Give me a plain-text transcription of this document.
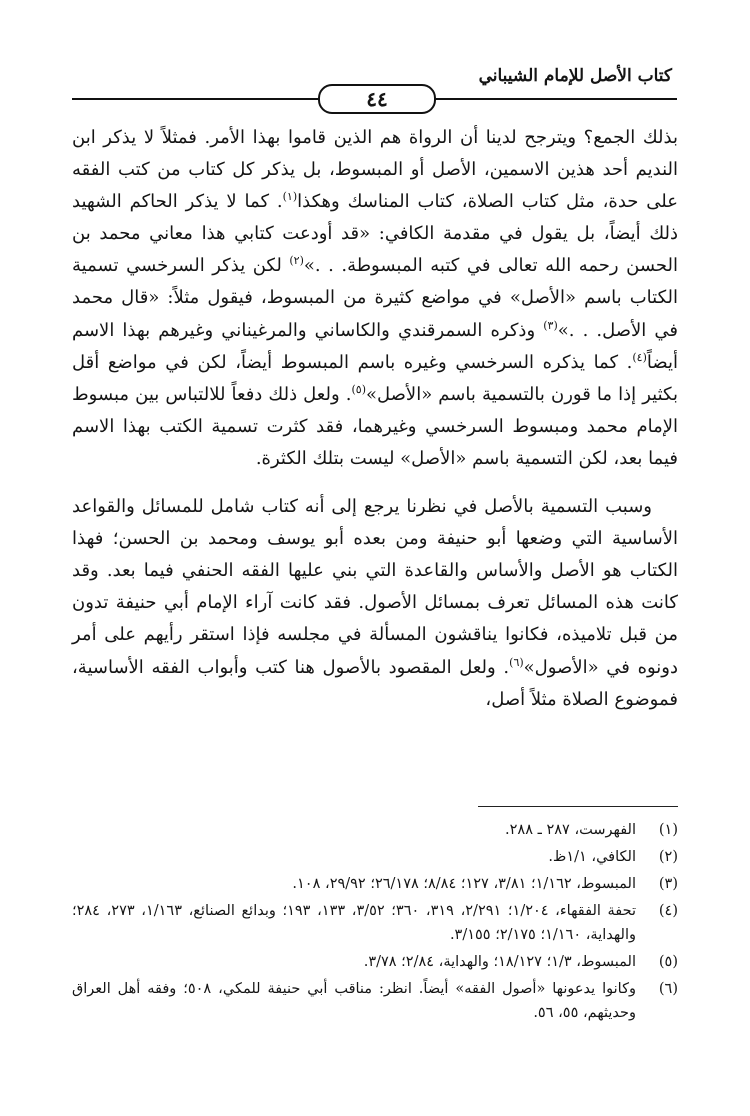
كتاب الأصل للإمام الشيباني
٤٤

بذلك الجمع؟ ويترجح لدينا أن الرواة هم الذين قاموا بهذا الأمر. فمثلاً لا يذكر ابن النديم أحد هذين الاسمين، الأصل أو المبسوط، بل يذكر كل كتاب من كتب الفقه على حدة، مثل كتاب الصلاة، كتاب المناسك وهكذا$^{(١)}$. كما لا يذكر الحاكم الشهيد ذلك أيضاً، بل يقول في مقدمة الكافي: «قد أودعت كتابي هذا معاني محمد بن الحسن رحمه الله تعالى في كتبه المبسوطة. . .»$^{(٢)}$ لكن يذكر السرخسي تسمية الكتاب باسم «الأصل» في مواضع كثيرة من المبسوط، فيقول مثلاً: «قال محمد في الأصل. . .»$^{(٣)}$ وذكره السمرقندي والكاساني والمرغيناني وغيرهم بهذا الاسم أيضاً$^{(٤)}$. كما يذكره السرخسي وغيره باسم المبسوط أيضاً، لكن في مواضع أقل بكثير إذا ما قورن بالتسمية باسم «الأصل»$^{(٥)}$. ولعل ذلك دفعاً للالتباس بين مبسوط الإمام محمد ومبسوط السرخسي وغيرهما، فقد كثرت تسمية الكتب بهذا الاسم فيما بعد، لكن التسمية باسم «الأصل» ليست بتلك الكثرة.

وسبب التسمية بالأصل في نظرنا يرجع إلى أنه كتاب شامل للمسائل والقواعد الأساسية التي وضعها أبو حنيفة ومن بعده أبو يوسف ومحمد بن الحسن؛ فهذا الكتاب هو الأصل والأساس والقاعدة التي بني عليها الفقه الحنفي فيما بعد. وقد كانت هذه المسائل تعرف بمسائل الأصول. فقد كانت آراء الإمام أبي حنيفة تدون من قبل تلاميذه، فكانوا يناقشون المسألة في مجلسه فإذا استقر رأيهم على أمر دونوه في «الأصول»$^{(٦)}$. ولعل المقصود بالأصول هنا كتب وأبواب الفقه الأساسية، فموضوع الصلاة مثلاً أصل،

(١)
الفهرست، ٢٨٧ ـ ٢٨٨.
(٢)
الكافي، ١/١ظ.
(٣)
المبسوط، ١/١٦٢؛ ٣/٨١، ١٢٧؛ ٨/٨٤؛ ٢٦/١٧٨؛ ٢٩/٩٢، ١٠٨.
(٤)
تحفة الفقهاء، ١/٢٠٤؛ ٢/٢٩١، ٣١٩، ٣٦٠؛ ٣/٥٢، ١٣٣، ١٩٣؛ وبدائع الصنائع، ١/١٦٣، ٢٧٣، ٢٨٤؛ والهداية، ١/١٦٠؛ ٢/١٧٥؛ ٣/١٥٥.
(٥)
المبسوط، ١/٣؛ ١٨/١٢٧؛ والهداية، ٢/٨٤؛ ٣/٧٨.
(٦)
وكانوا يدعونها «أصول الفقه» أيضاً. انظر: مناقب أبي حنيفة للمكي، ٥٠٨؛ وفقه أهل العراق وحديثهم، ٥٥، ٥٦.
